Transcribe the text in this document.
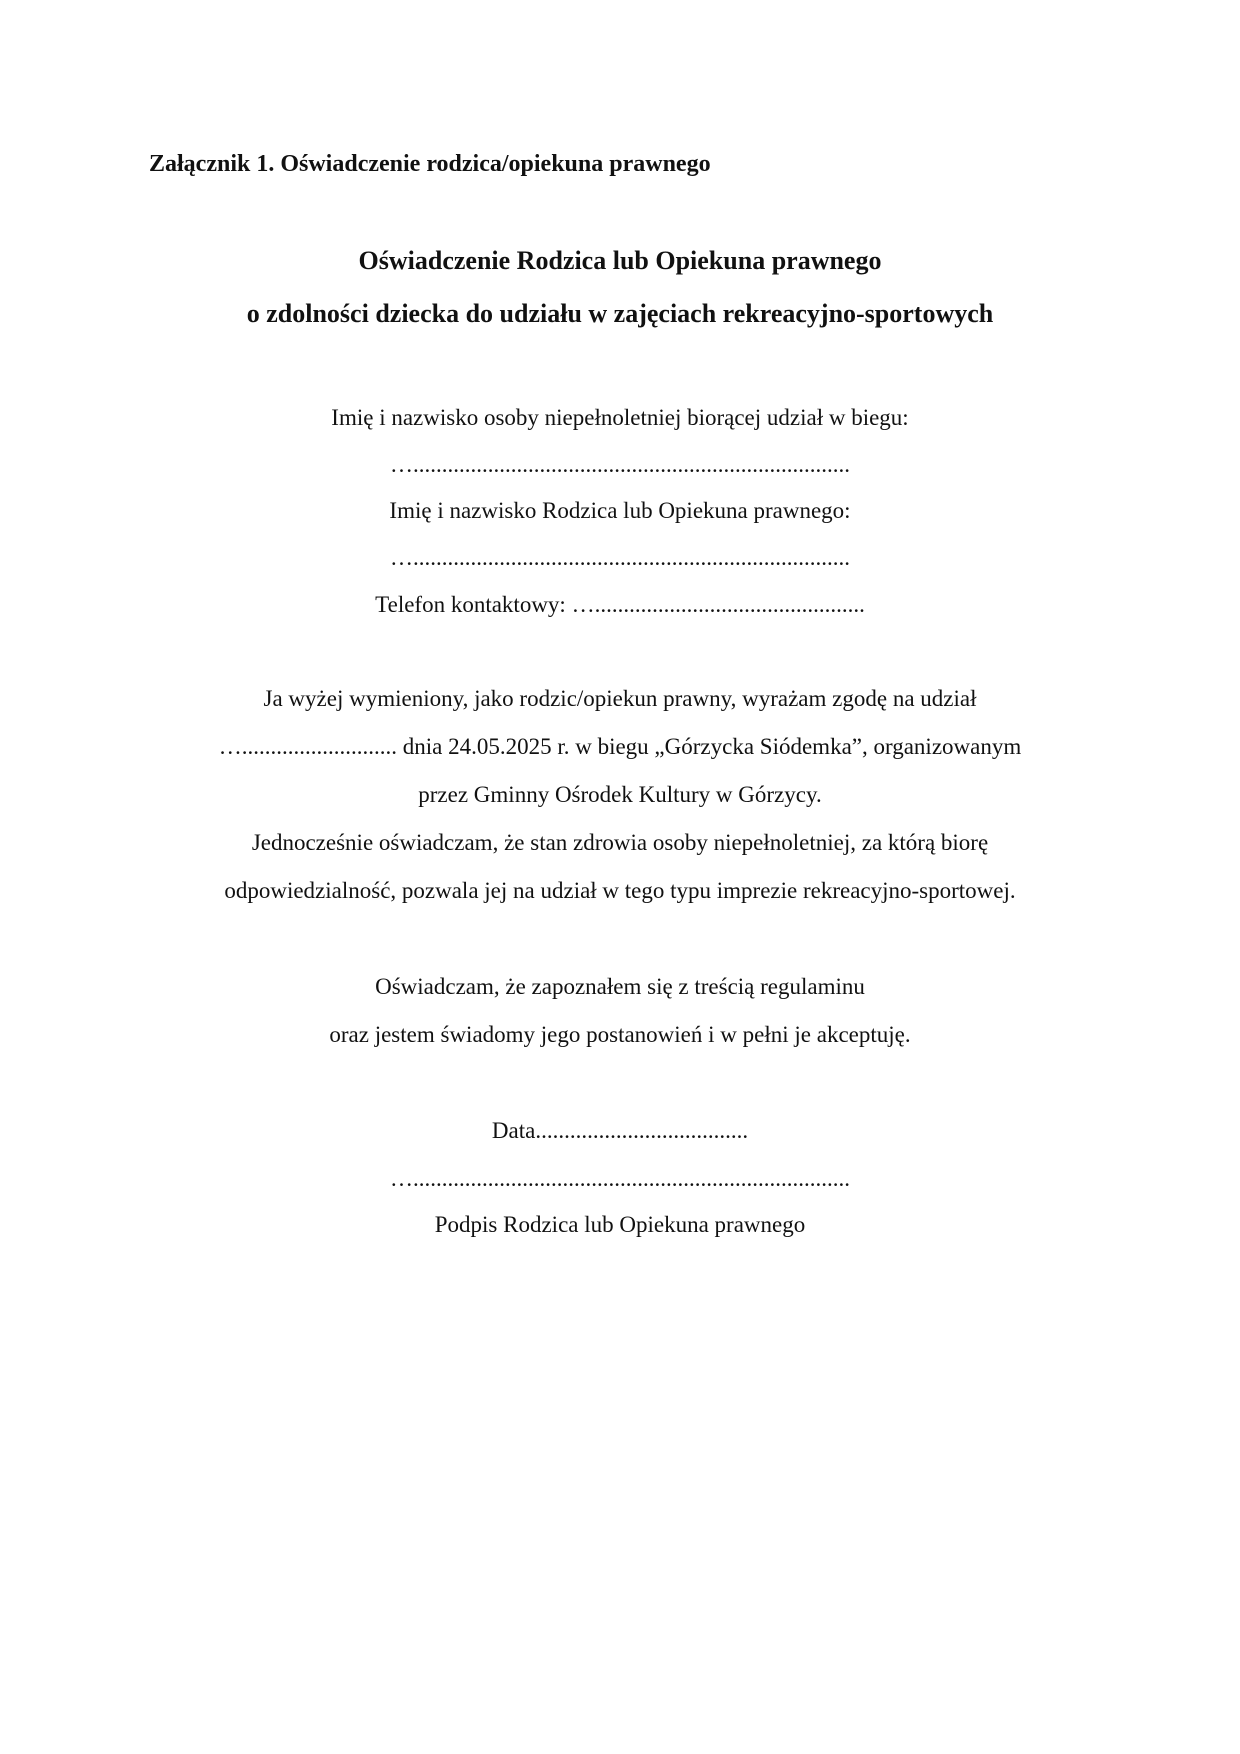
Załącznik 1. Oświadczenie rodzica/opiekuna prawnego
Oświadczenie Rodzica lub Opiekuna prawnego
o zdolności dziecka do udziału w zajęciach rekreacyjno-sportowych
Imię i nazwisko osoby niepełnoletniej biorącej udział w biegu:
…............................................................................
Imię i nazwisko Rodzica lub Opiekuna prawnego:
…............................................................................
Telefon kontaktowy: …...............................................
Ja wyżej wymieniony, jako rodzic/opiekun prawny, wyrażam zgodę na udział
…........................... dnia 24.05.2025 r. w biegu „Górzycka Siódemka”, organizowanym
przez Gminny Ośrodek Kultury w Górzycy.
Jednocześnie oświadczam, że stan zdrowia osoby niepełnoletniej, za którą biorę
odpowiedzialność, pozwala jej na udział w tego typu imprezie rekreacyjno-sportowej.
Oświadczam, że zapoznałem się z treścią regulaminu
oraz jestem świadomy jego postanowień i w pełni je akceptuję.
Data.....................................
…............................................................................
Podpis Rodzica lub Opiekuna prawnego
